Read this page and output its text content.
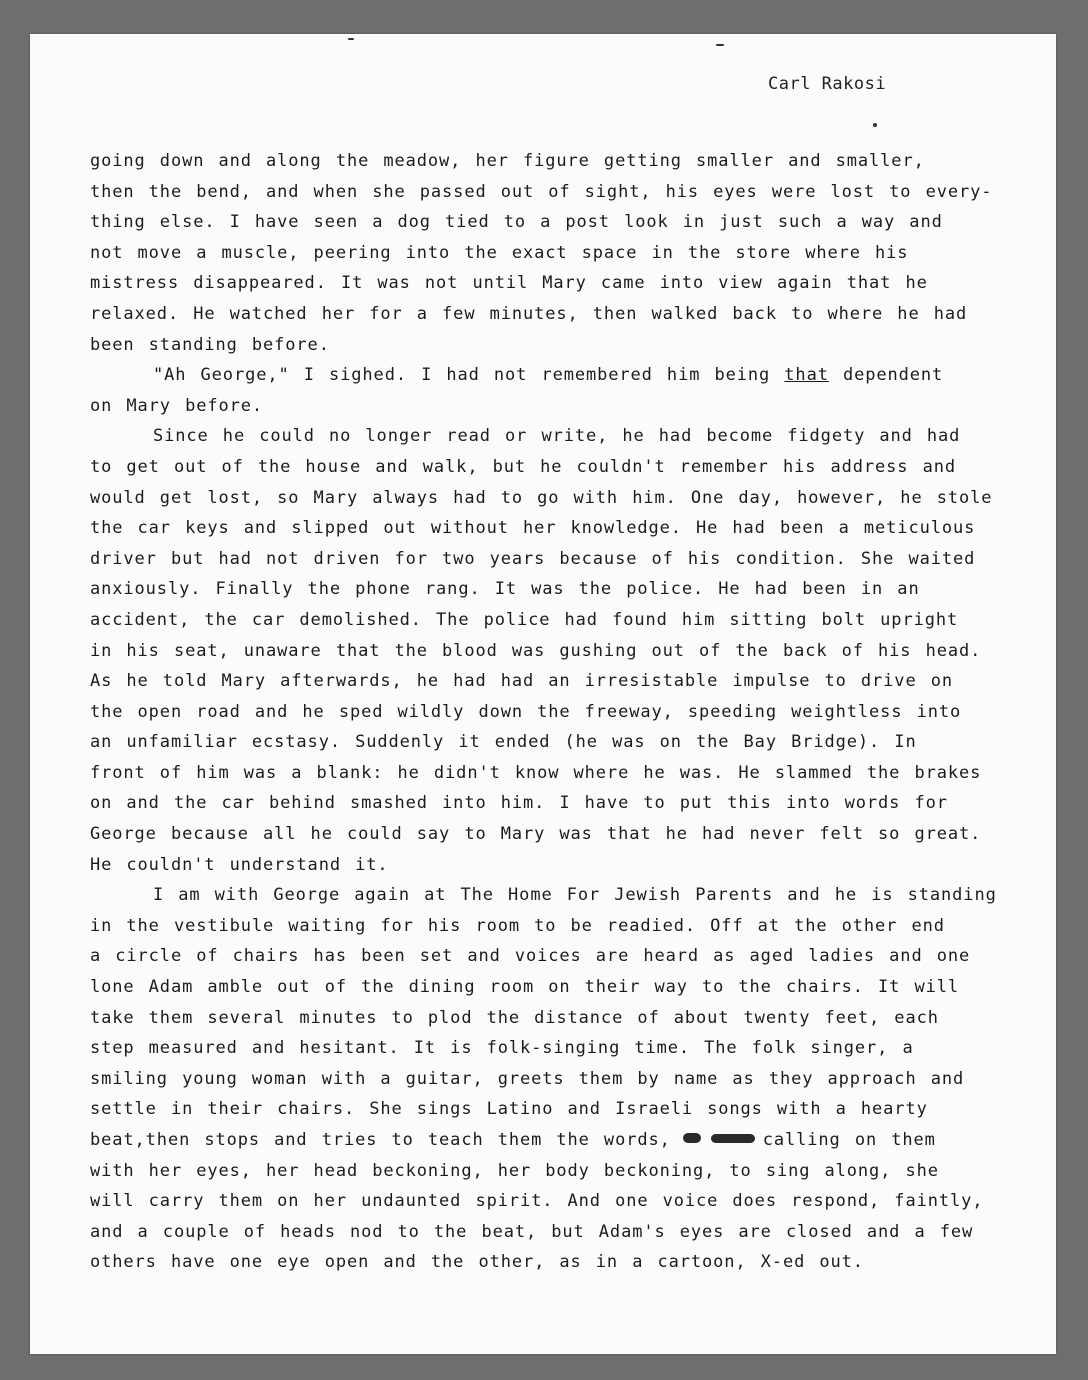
Carl Rakosi
going down and along the meadow, her figure getting smaller and smaller,
then the bend, and when she passed out of sight, his eyes were lost to every-
thing else. I have seen a dog tied to a post look in just such a way and
not move a muscle, peering into the exact space in the store where his
mistress disappeared. It was not until Mary came into view again that he
relaxed. He watched her for a few minutes, then walked back to where he had
been standing before.
"Ah George," I sighed. I had not remembered him being that dependent
on Mary before.
Since he could no longer read or write, he had become fidgety and had
to get out of the house and walk, but he couldn't remember his address and
would get lost, so Mary always had to go with him. One day, however, he stole
the car keys and slipped out without her knowledge. He had been a meticulous
driver but had not driven for two years because of his condition. She waited
anxiously. Finally the phone rang. It was the police. He had been in an
accident, the car demolished. The police had found him sitting bolt upright
in his seat, unaware that the blood was gushing out of the back of his head.
As he told Mary afterwards, he had had an irresistable impulse to drive on
the open road and he sped wildly down the freeway, speeding weightless into
an unfamiliar ecstasy. Suddenly it ended (he was on the Bay Bridge). In
front of him was a blank: he didn't know where he was. He slammed the brakes
on and the car behind smashed into him. I have to put this into words for
George because all he could say to Mary was that he had never felt so great.
He couldn't understand it.
I am with George again at The Home For Jewish Parents and he is standing
in the vestibule waiting for his room to be readied. Off at the other end
a circle of chairs has been set and voices are heard as aged ladies and one
lone Adam amble out of the dining room on their way to the chairs. It will
take them several minutes to plod the distance of about twenty feet, each
step measured and hesitant. It is folk-singing time. The folk singer, a
smiling young woman with a guitar, greets them by name as they approach and
settle in their chairs. She sings Latino and Israeli songs with a hearty
beat,then stops and tries to teach them the words,	calling on them
with her eyes, her head beckoning, her body beckoning, to sing along, she
will carry them on her undaunted spirit. And one voice does respond, faintly,
and a couple of heads nod to the beat, but Adam's eyes are closed and a few
others have one eye open and the other, as in a cartoon, X-ed out.
